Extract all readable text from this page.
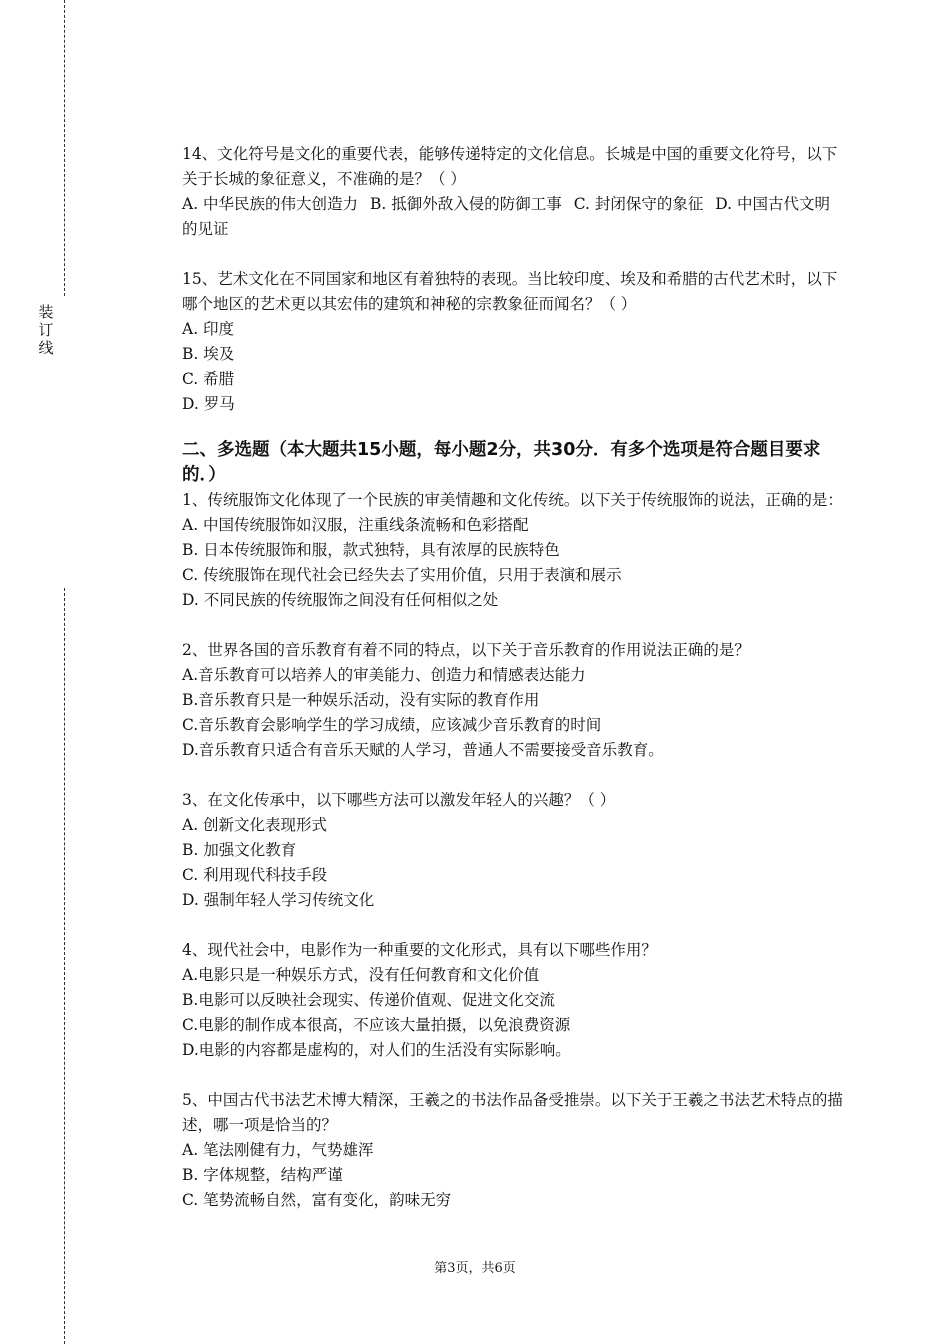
装
订
线

14、文化符号是文化的重要代表，能够传递特定的文化信息。长城是中国的重要文化符号，以下关于长城的象征意义，不准确的是？（ ）

A. 中华民族的伟大创造力 B. 抵御外敌入侵的防御工事 C. 封闭保守的象征 D. 中国古代文明的见证

15、艺术文化在不同国家和地区有着独特的表现。当比较印度、埃及和希腊的古代艺术时，以下哪个地区的艺术更以其宏伟的建筑和神秘的宗教象征而闻名？（ ）

A. 印度

B. 埃及

C. 希腊

D. 罗马

二、多选题（本大题共15小题，每小题2分，共30分．有多个选项是符合题目要求的．）

1、传统服饰文化体现了一个民族的审美情趣和文化传统。以下关于传统服饰的说法，正确的是：

A. 中国传统服饰如汉服，注重线条流畅和色彩搭配

B. 日本传统服饰和服，款式独特，具有浓厚的民族特色

C. 传统服饰在现代社会已经失去了实用价值，只用于表演和展示

D. 不同民族的传统服饰之间没有任何相似之处

2、世界各国的音乐教育有着不同的特点，以下关于音乐教育的作用说法正确的是？

A.音乐教育可以培养人的审美能力、创造力和情感表达能力

B.音乐教育只是一种娱乐活动，没有实际的教育作用

C.音乐教育会影响学生的学习成绩，应该减少音乐教育的时间

D.音乐教育只适合有音乐天赋的人学习，普通人不需要接受音乐教育。

3、在文化传承中，以下哪些方法可以激发年轻人的兴趣？（ ）

A. 创新文化表现形式

B. 加强文化教育

C. 利用现代科技手段

D. 强制年轻人学习传统文化

4、现代社会中，电影作为一种重要的文化形式，具有以下哪些作用？

A.电影只是一种娱乐方式，没有任何教育和文化价值

B.电影可以反映社会现实、传递价值观、促进文化交流

C.电影的制作成本很高，不应该大量拍摄，以免浪费资源

D.电影的内容都是虚构的，对人们的生活没有实际影响。

5、中国古代书法艺术博大精深，王羲之的书法作品备受推崇。以下关于王羲之书法艺术特点的描述，哪一项是恰当的？

A. 笔法刚健有力，气势雄浑

B. 字体规整，结构严谨

C. 笔势流畅自然，富有变化，韵味无穷

第3页，共6页
